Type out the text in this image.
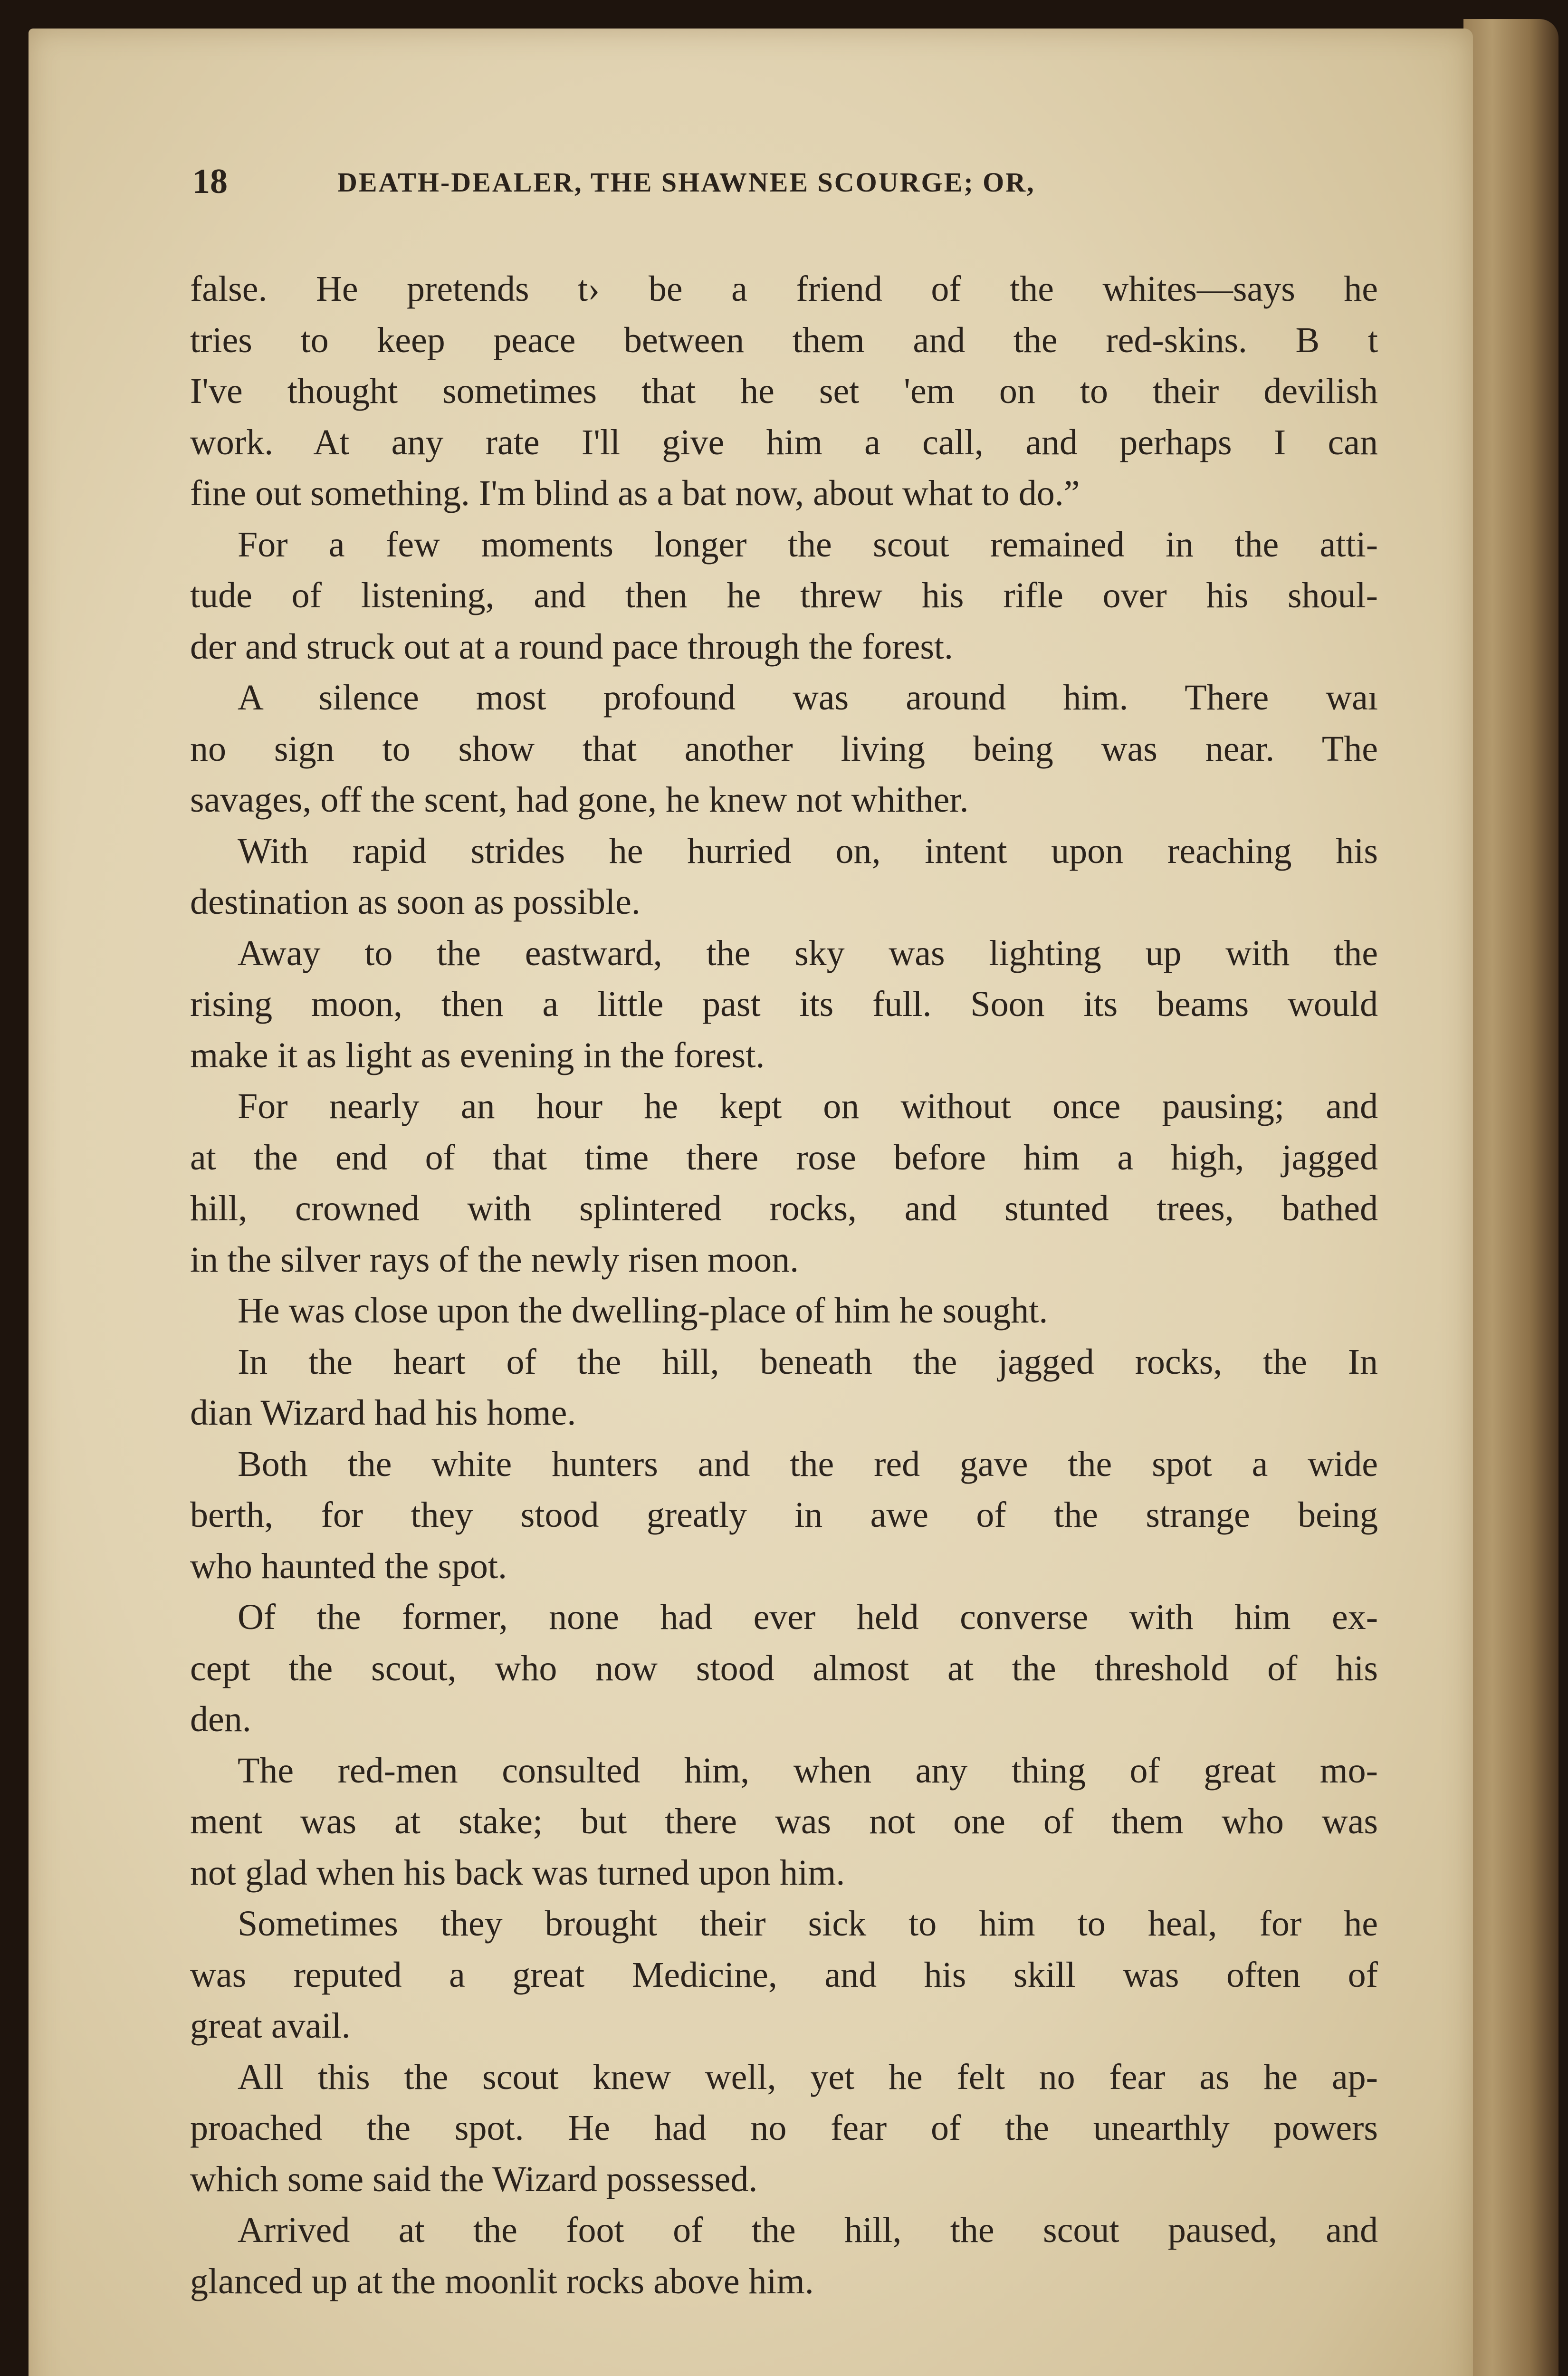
18	DEATH-DEALER, THE SHAWNEE SCOURGE; OR,
false. He pretends t› be a friend of the whites—says he
tries to keep peace between them and the red-skins. B t
I've thought sometimes that he set 'em on to their devilish
work. At any rate I'll give him a call, and perhaps I can
fine out something. I'm blind as a bat now, about what to do.”
For a few moments longer the scout remained in the atti-
tude of listening, and then he threw his rifle over his shoul-
der and struck out at a round pace through the forest.
A silence most profound was around him. There waı
no sign to show that another living being was near. The
savages, off the scent, had gone, he knew not whither.
With rapid strides he hurried on, intent upon reaching his
destination as soon as possible.
Away to the eastward, the sky was lighting up with the
rising moon, then a little past its full. Soon its beams would
make it as light as evening in the forest.
For nearly an hour he kept on without once pausing; and
at the end of that time there rose before him a high, jagged
hill, crowned with splintered rocks, and stunted trees, bathed
in the silver rays of the newly risen moon.
He was close upon the dwelling-place of him he sought.
In the heart of the hill, beneath the jagged rocks, the In
dian Wizard had his home.
Both the white hunters and the red gave the spot a wide
berth, for they stood greatly in awe of the strange being
who haunted the spot.
Of the former, none had ever held converse with him ex-
cept the scout, who now stood almost at the threshold of his
den.
The red-men consulted him, when any thing of great mo-
ment was at stake; but there was not one of them who was
not glad when his back was turned upon him.
Sometimes they brought their sick to him to heal, for he
was reputed a great Medicine, and his skill was often of
great avail.
All this the scout knew well, yet he felt no fear as he ap-
proached the spot. He had no fear of the unearthly powers
which some said the Wizard possessed.
Arrived at the foot of the hill, the scout paused, and
glanced up at the moonlit rocks above him.
